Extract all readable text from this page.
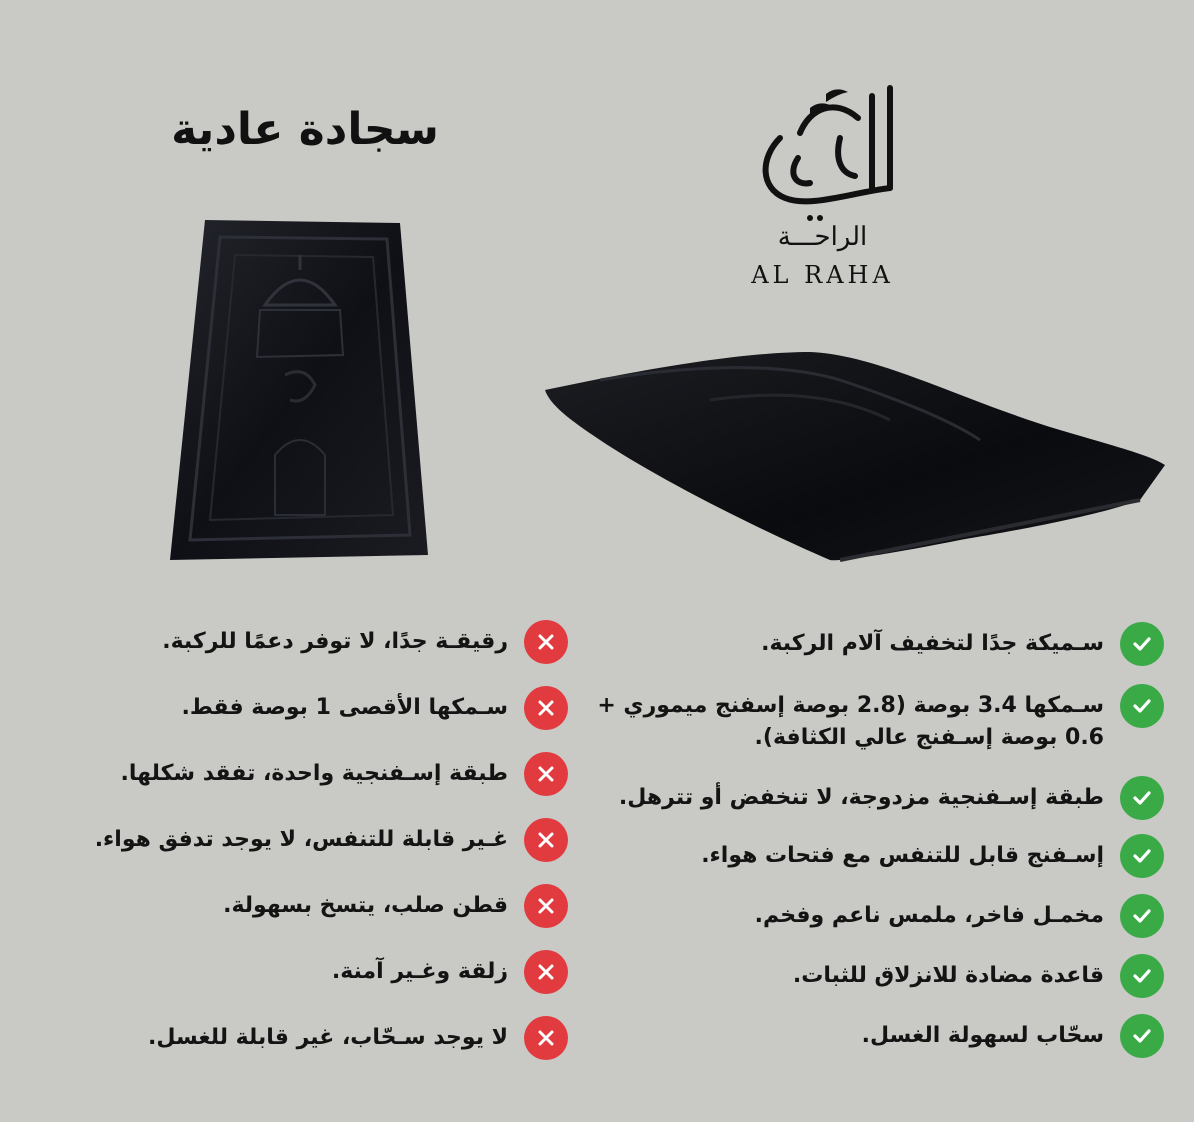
سجادة عادية
الراحـــة
AL RAHA
رقيقـة جدًا، لا توفر دعمًا للركبة.
سـمكها الأقصى 1 بوصة فقط.
طبقة إسـفنجية واحدة، تفقد شكلها.
غـير قابلة للتنفس، لا يوجد تدفق هواء.
قطن صلب، يتسخ بسهولة.
زلقة وغـير آمنة.
لا يوجد سـحّاب، غير قابلة للغسل.
سـميكة جدًا لتخفيف آلام الركبة.
سـمكها 3.4 بوصة (2.8 بوصة إسفنج ميموري + 0.6 بوصة إسـفنج عالي الكثافة).
طبقة إسـفنجية مزدوجة، لا تنخفض أو تترهل.
إسـفنج قابل للتنفس مع فتحات هواء.
مخمـل فاخر، ملمس ناعم وفخم.
قاعدة مضادة للانزلاق للثبات.
سحّاب لسهولة الغسل.
